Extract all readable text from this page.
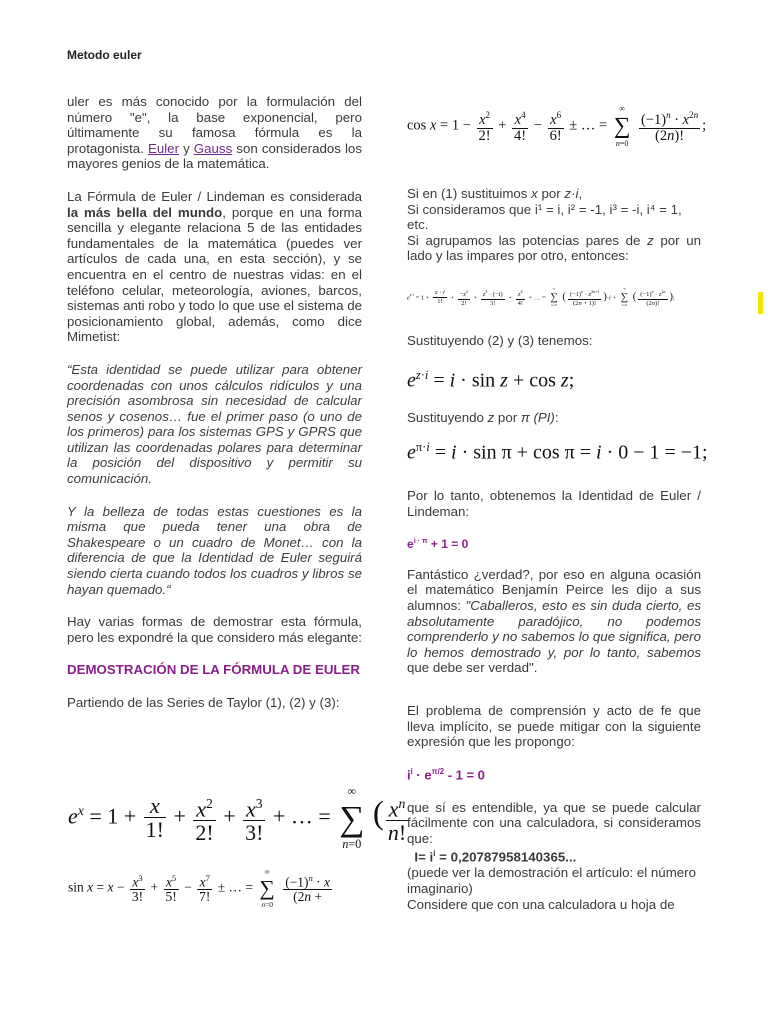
Metodo euler

uler es más conocido por la formulación del número "e", la base exponencial, pero últimamente su famosa fórmula es la protagonista. Euler y Gauss son considerados los mayores genios de la matemática.

La Fórmula de Euler / Lindeman es considerada la más bella del mundo, porque en una forma sencilla y elegante relaciona 5 de las entidades fundamentales de la matemática (puedes ver artículos de cada una, en esta sección), y se encuentra en el centro de nuestras vidas: en el teléfono celular, meteorología, aviones, barcos, sistemas anti robo y todo lo que use el sistema de posicionamiento global, además, como dice Mimetist:

“Esta identidad se puede utilizar para obtener coordenadas con unos cálculos ridículos y una precisión asombrosa sin necesidad de calcular senos y cosenos… fue el primer paso (o uno de los primeros) para los sistemas GPS y GPRS que utilizan las coordenadas polares para determinar la posición del dispositivo y permitir su comunicación.

Y la belleza de todas estas cuestiones es la misma que pueda tener una obra de Shakespeare o un cuadro de Monet… con la diferencia de que la Identidad de Euler seguirá siendo cierta cuando todos los cuadros y libros se hayan quemado.“

Hay varias formas de demostrar esta fórmula, pero les expondré la que considero más elegante:

DEMOSTRACIÓN DE LA FÓRMULA DE EULER

Partiendo de las Series de Taylor (1), (2) y (3):

$e^x = 1 + \frac{x}{1!} + \frac{x^2}{2!} + \frac{x^3}{3!}$ + … =
∞
∑
n=0
( $\frac{x^n}{n!}$
$\sin x = x - \frac{x^3}{3!} + \frac{x^5}{5!} - \frac{x^7}{7!}$ ± … =
∞
∑
n=0
$\frac{(-1)^n \cdot x}{(2n +}$
$\cos x = 1 - \frac{x^2}{2!} + \frac{x^4}{4!} - \frac{x^6}{6!}$ ± … =
∞
∑
n=0
$\frac{(-1)^n \cdot x^{2n}}{(2n)!}$ ;

Si en (1) sustituimos x por z·i,

Si consideramos que i¹ = i, i² = -1, i³ = -i, i⁴ = 1, etc.

Si agrupamos las potencias pares de z por un lado y las impares por otro, entonces:

$e^{z\cdot i} = 1 + \frac{z \cdot i}{1!} + \frac{-z^2}{2!} + \frac{z^3 \cdot (-i)}{3!} + \frac{z^4}{4!}$ + … =
∞
∑
n=0
( $\frac{(-1)^n \cdot z^{2n+1}}{(2n + 1)!} )\cdot i$ +
∞
∑
n=0
( $\frac{(-1)^n \cdot z^{2n}}{(2n)!}$ );
Sustituyendo (2) y (3) tenemos:
$e^{z\cdot i} = i \cdot \sin z + \cos z$;
Sustituyendo z por π (PI):
$e^{\pi\cdot i} = i \cdot \sin \pi + \cos \pi = i \cdot 0 - 1 = -1$;

Por lo tanto, obtenemos la Identidad de Euler / Lindeman:

$e^{i \cdot \pi} + 1 = 0$

Fantástico ¿verdad?, por eso en alguna ocasión el matemático Benjamín Peirce les dijo a sus alumnos: "Caballeros, esto es sin duda cierto, es absolutamente paradójico, no podemos comprenderlo y no sabemos lo que significa, pero lo hemos demostrado y, por lo tanto, sabemos que debe ser verdad".

El problema de comprensión y acto de fe que lleva implícito, se puede mitigar con la siguiente expresión que les propongo:

$i^i \cdot e^{\pi/2} - 1 = 0$

que sí es entendible, ya que se puede calcular fácilmente con una calculadora, si consideramos que:

$I= i^i = 0,20787958140365$...

(puede ver la demostración el artículo: el número imaginario)

Considere que con una calculadora u hoja de
